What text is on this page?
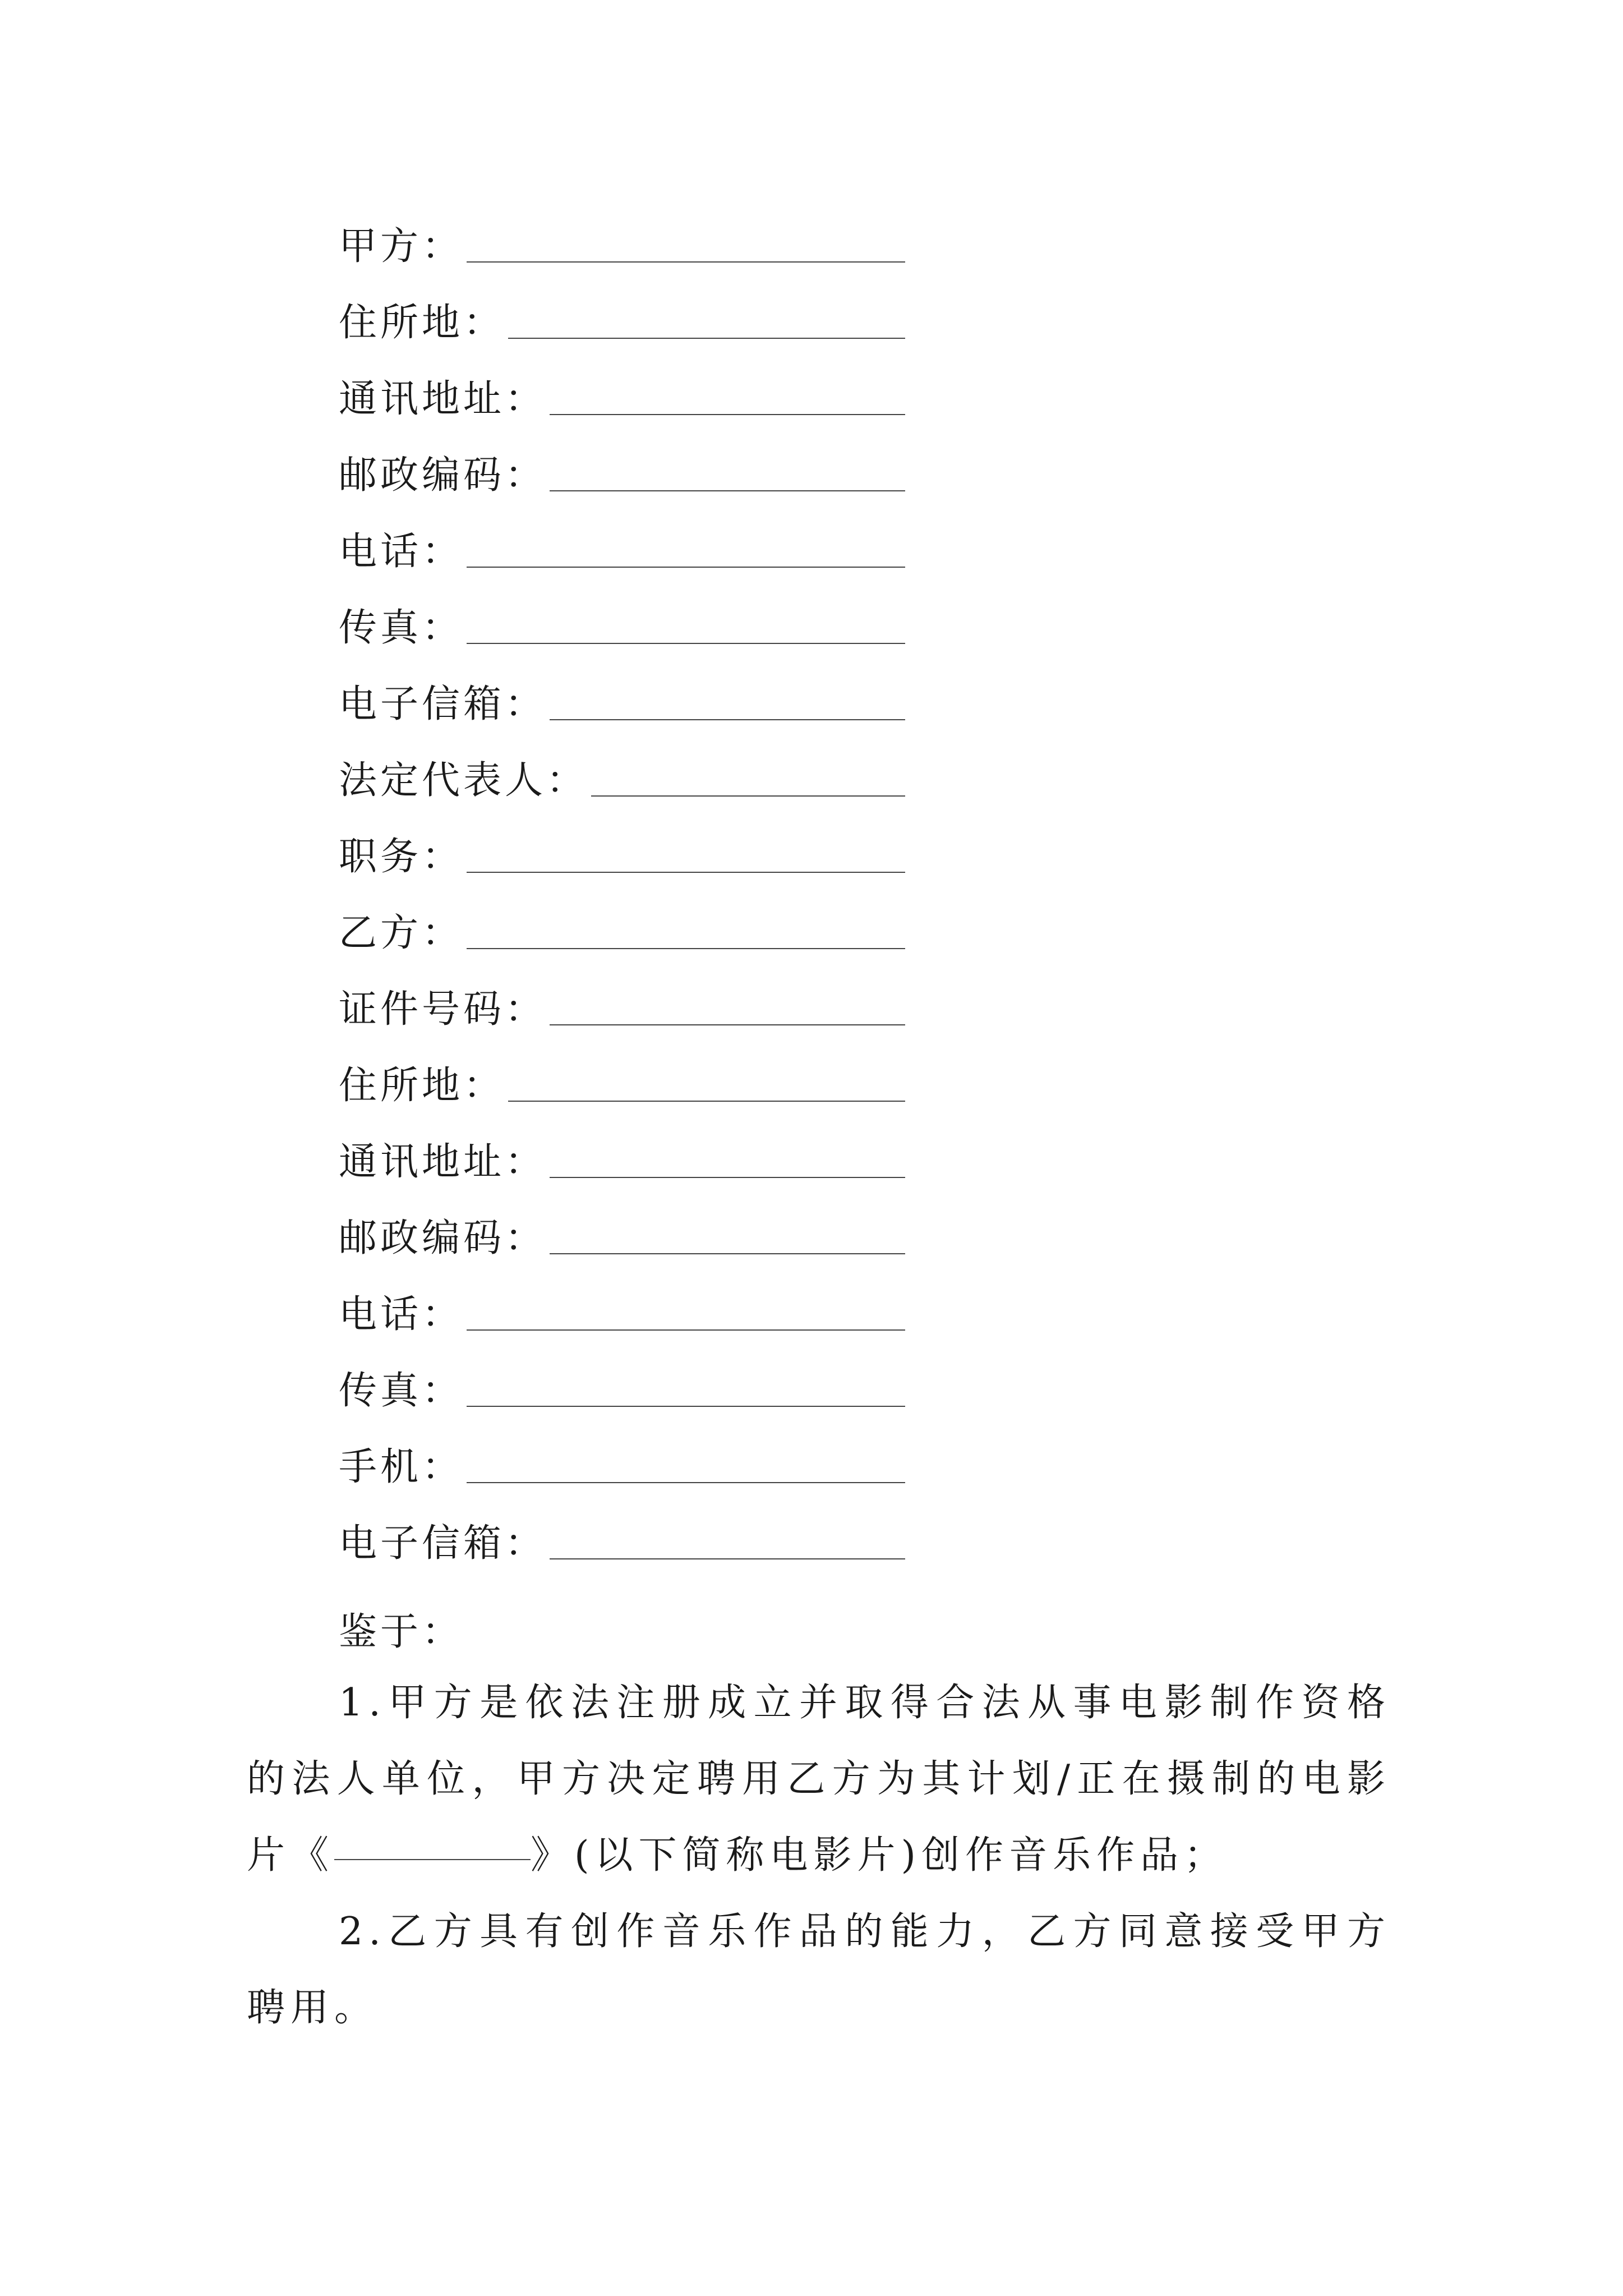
甲方：
住所地：
通讯地址：
邮政编码：
电话：
传真：
电子信箱：
法定代表人：
职务：
乙方：
证件号码：
住所地：
通讯地址：
邮政编码：
电话：
传真：
手机：
电子信箱：
鉴于：
1.甲方是依法注册成立并取得合法从事电影制作资格的法人单位，甲方决定聘用乙方为其计划/正在摄制的电影片《	》(以下简称电影片)创作音乐作品；
2.乙方具有创作音乐作品的能力，乙方同意接受甲方聘用。
